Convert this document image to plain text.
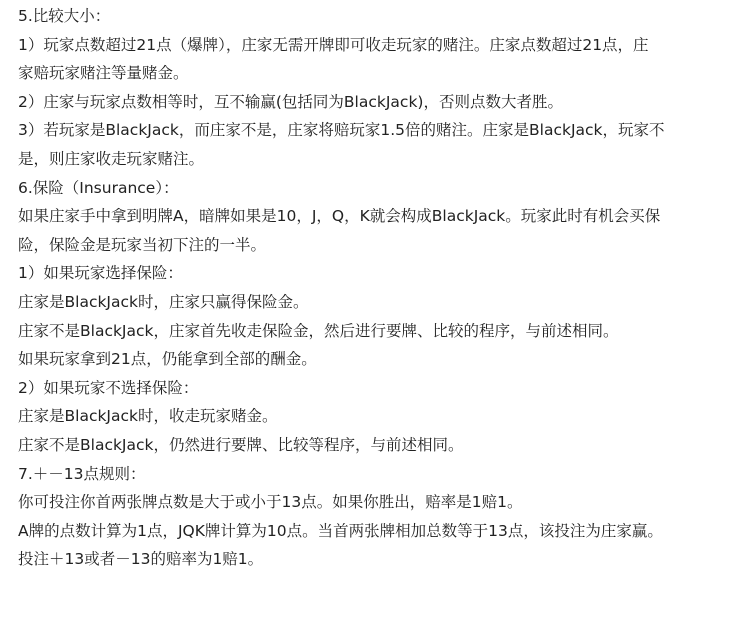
5.比较大小：
1）玩家点数超过21点（爆牌），庄家无需开牌即可收走玩家的赌注。庄家点数超过21点，庄
家赔玩家赌注等量赌金。
2）庄家与玩家点数相等时，互不输赢(包括同为BlackJack)，否则点数大者胜。
3）若玩家是BlackJack，而庄家不是，庄家将赔玩家1.5倍的赌注。庄家是BlackJack，玩家不
是，则庄家收走玩家赌注。
6.保险（Insurance）：
如果庄家手中拿到明牌A，暗牌如果是10，J，Q，K就会构成BlackJack。玩家此时有机会买保
险，保险金是玩家当初下注的一半。
1）如果玩家选择保险：
庄家是BlackJack时，庄家只赢得保险金。
庄家不是BlackJack，庄家首先收走保险金，然后进行要牌、比较的程序，与前述相同。
如果玩家拿到21点，仍能拿到全部的酬金。
2）如果玩家不选择保险：
庄家是BlackJack时，收走玩家赌金。
庄家不是BlackJack，仍然进行要牌、比较等程序，与前述相同。
7.＋－13点规则：
你可投注你首两张牌点数是大于或小于13点。如果你胜出，赔率是1赔1。
A牌的点数计算为1点，JQK牌计算为10点。当首两张牌相加总数等于13点，该投注为庄家赢。
投注＋13或者－13的赔率为1赔1。
